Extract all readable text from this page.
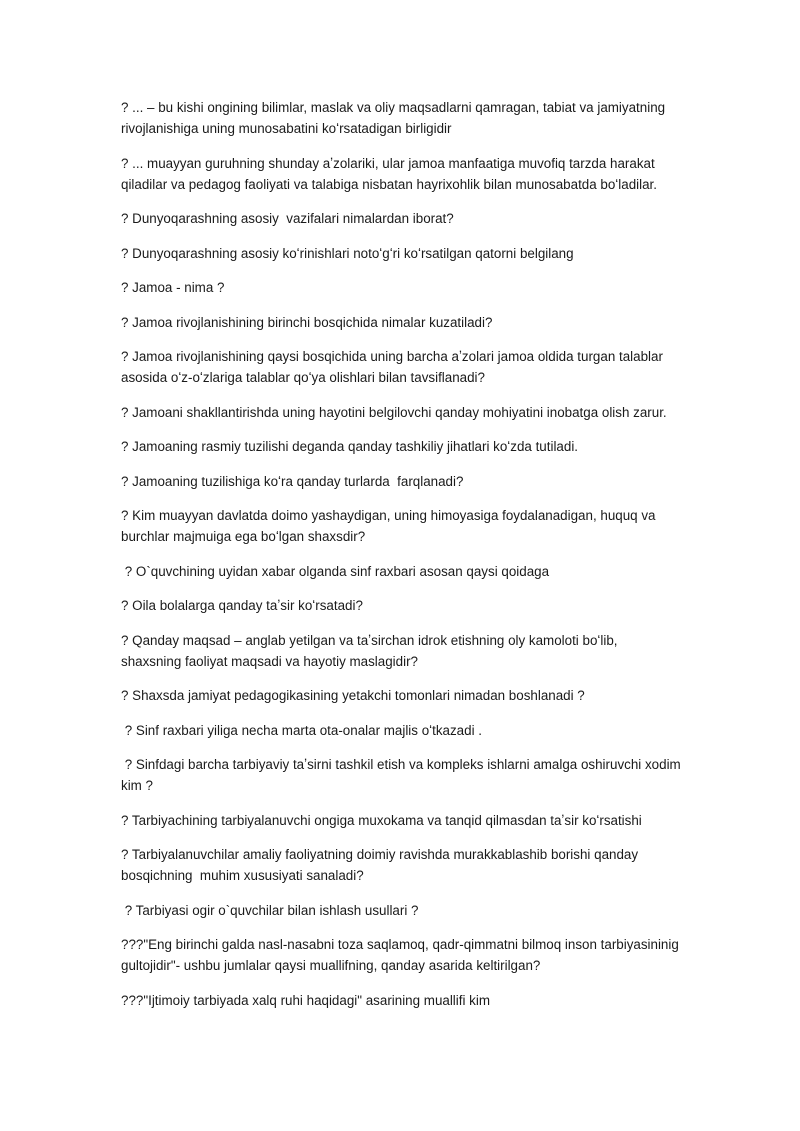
? ... – bu kishi ongining bilimlar, maslak va oliy maqsadlarni qamragan, tabiat va jamiyatning rivojlanishiga uning munosabatini koʻrsatadigan birligidir

? ... muayyan guruhning shunday aʼzolariki, ular jamoa manfaatiga muvofiq tarzda harakat qiladilar va pedagog faoliyati va talabiga nisbatan hayrixohlik bilan munosabatda boʻladilar.

? Dunyoqarashning asosiy  vazifalari nimalardan iborat?

? Dunyoqarashning asosiy koʻrinishlari notoʻgʻri koʻrsatilgan qatorni belgilang

? Jamoa - nima ?

? Jamoa rivojlanishining birinchi bosqichida nimalar kuzatiladi?

? Jamoa rivojlanishining qaysi bosqichida uning barcha aʼzolari jamoa oldida turgan talablar asosida oʻz-oʻzlariga talablar qoʻya olishlari bilan tavsiflanadi?

? Jamoani shakllantirishda uning hayotini belgilovchi qanday mohiyatini inobatga olish zarur.

? Jamoaning rasmiy tuzilishi deganda qanday tashkiliy jihatlari koʻzda tutiladi.

? Jamoaning tuzilishiga koʻra qanday turlarda  farqlanadi?

? Kim muayyan davlatda doimo yashaydigan, uning himoyasiga foydalanadigan, huquq va burchlar majmuiga ega boʻlgan shaxsdir?

? O`quvchining uyidan xabar olganda sinf raxbari asosan qaysi qoidaga

? Oila bolalarga qanday taʼsir koʻrsatadi?

? Qanday maqsad – anglab yetilgan va taʼsirchan idrok etishning oly kamoloti boʻlib, shaxsning faoliyat maqsadi va hayotiy maslagidir?

? Shaxsda jamiyat pedagogikasining yetakchi tomonlari nimadan boshlanadi ?

? Sinf raxbari yiliga necha marta ota-onalar majlis oʻtkazadi .

? Sinfdagi barcha tarbiyaviy taʼsirni tashkil etish va kompleks ishlarni amalga oshiruvchi xodim kim ?

? Tarbiyachining tarbiyalanuvchi ongiga muxokama va tanqid qilmasdan taʼsir koʻrsatishi

? Tarbiyalanuvchilar amaliy faoliyatning doimiy ravishda murakkablashib borishi qanday bosqichning  muhim xususiyati sanaladi?

? Tarbiyasi ogir o`quvchilar bilan ishlash usullari ?

???"Eng birinchi galda nasl-nasabni toza saqlamoq, qadr-qimmatni bilmoq inson tarbiyasininig gultojidir"- ushbu jumlalar qaysi muallifning, qanday asarida keltirilgan?

???"Ijtimoiy tarbiyada xalq ruhi haqidagi" asarining muallifi kim
